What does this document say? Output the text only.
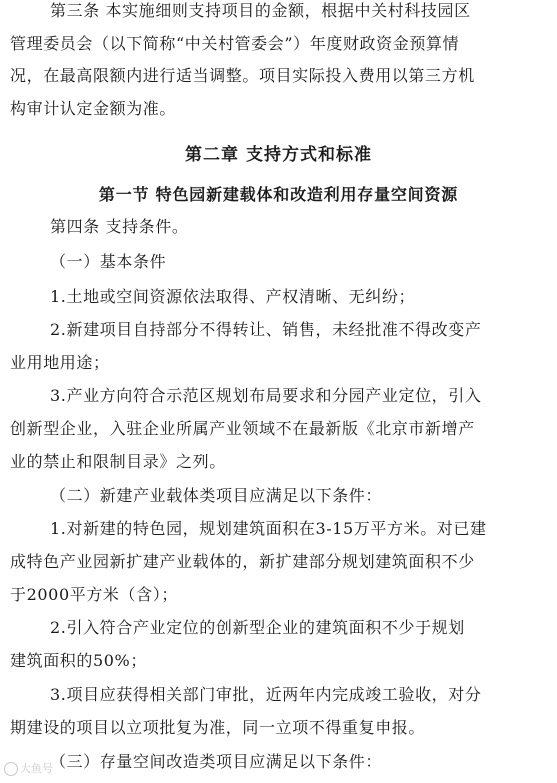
第三条 本实施细则支持项目的金额，根据中关村科技园区
管理委员会（以下简称“中关村管委会”）年度财政资金预算情
况，在最高限额内进行适当调整。项目实际投入费用以第三方机
构审计认定金额为准。
第二章 支持方式和标准
第一节 特色园新建载体和改造利用存量空间资源
第四条 支持条件。
（一）基本条件
1.土地或空间资源依法取得、产权清晰、无纠纷；
2.新建项目自持部分不得转让、销售，未经批准不得改变产
业用地用途；
3.产业方向符合示范区规划布局要求和分园产业定位，引入
创新型企业，入驻企业所属产业领域不在最新版《北京市新增产
业的禁止和限制目录》之列。
（二）新建产业载体类项目应满足以下条件：
1.对新建的特色园，规划建筑面积在3-15万平方米。对已建
成特色产业园新扩建产业载体的，新扩建部分规划建筑面积不少
于2000平方米（含）；
2.引入符合产业定位的创新型企业的建筑面积不少于规划
建筑面积的50%；
3.项目应获得相关部门审批，近两年内完成竣工验收，对分
期建设的项目以立项批复为准，同一立项不得重复申报。
（三）存量空间改造类项目应满足以下条件：
大鱼号
